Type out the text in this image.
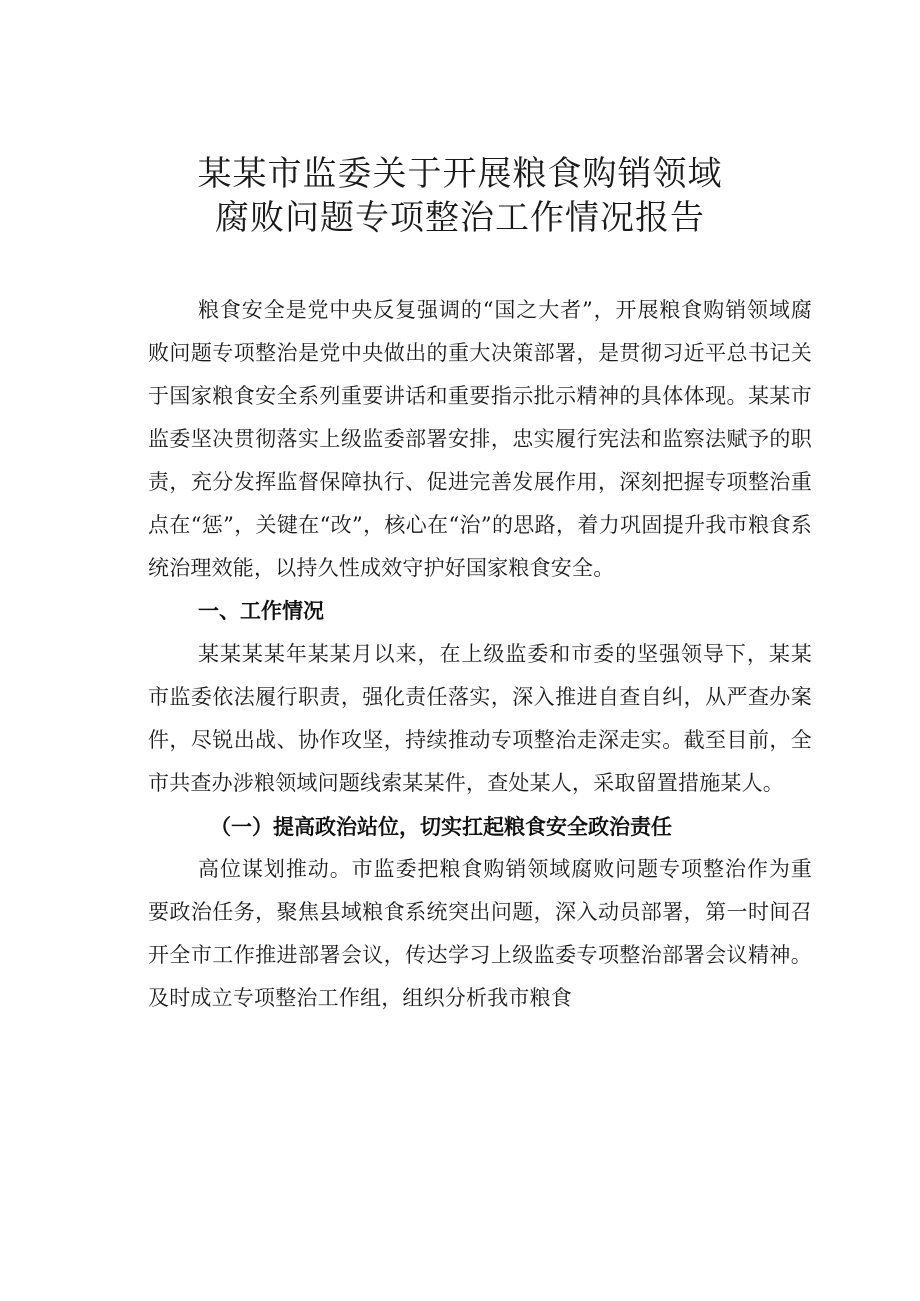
某某市监委关于开展粮食购销领域
腐败问题专项整治工作情况报告

粮食安全是党中央反复强调的“国之大者”，开展粮食购销领域腐败问题专项整治是党中央做出的重大决策部署，是贯彻习近平总书记关于国家粮食安全系列重要讲话和重要指示批示精神的具体体现。某某市监委坚决贯彻落实上级监委部署安排，忠实履行宪法和监察法赋予的职责，充分发挥监督保障执行、促进完善发展作用，深刻把握专项整治重点在“惩”，关键在“改”，核心在“治”的思路，着力巩固提升我市粮食系统治理效能，以持久性成效守护好国家粮食安全。

一、工作情况

某某某某年某某月以来，在上级监委和市委的坚强领导下，某某市监委依法履行职责，强化责任落实，深入推进自查自纠，从严查办案件，尽锐出战、协作攻坚，持续推动专项整治走深走实。截至目前，全市共查办涉粮领域问题线索某某件，查处某人，采取留置措施某人。

（一）提高政治站位，切实扛起粮食安全政治责任

高位谋划推动。市监委把粮食购销领域腐败问题专项整治作为重要政治任务，聚焦县域粮食系统突出问题，深入动员部署，第一时间召开全市工作推进部署会议，传达学习上级监委专项整治部署会议精神。及时成立专项整治工作组，组织分析我市粮食
